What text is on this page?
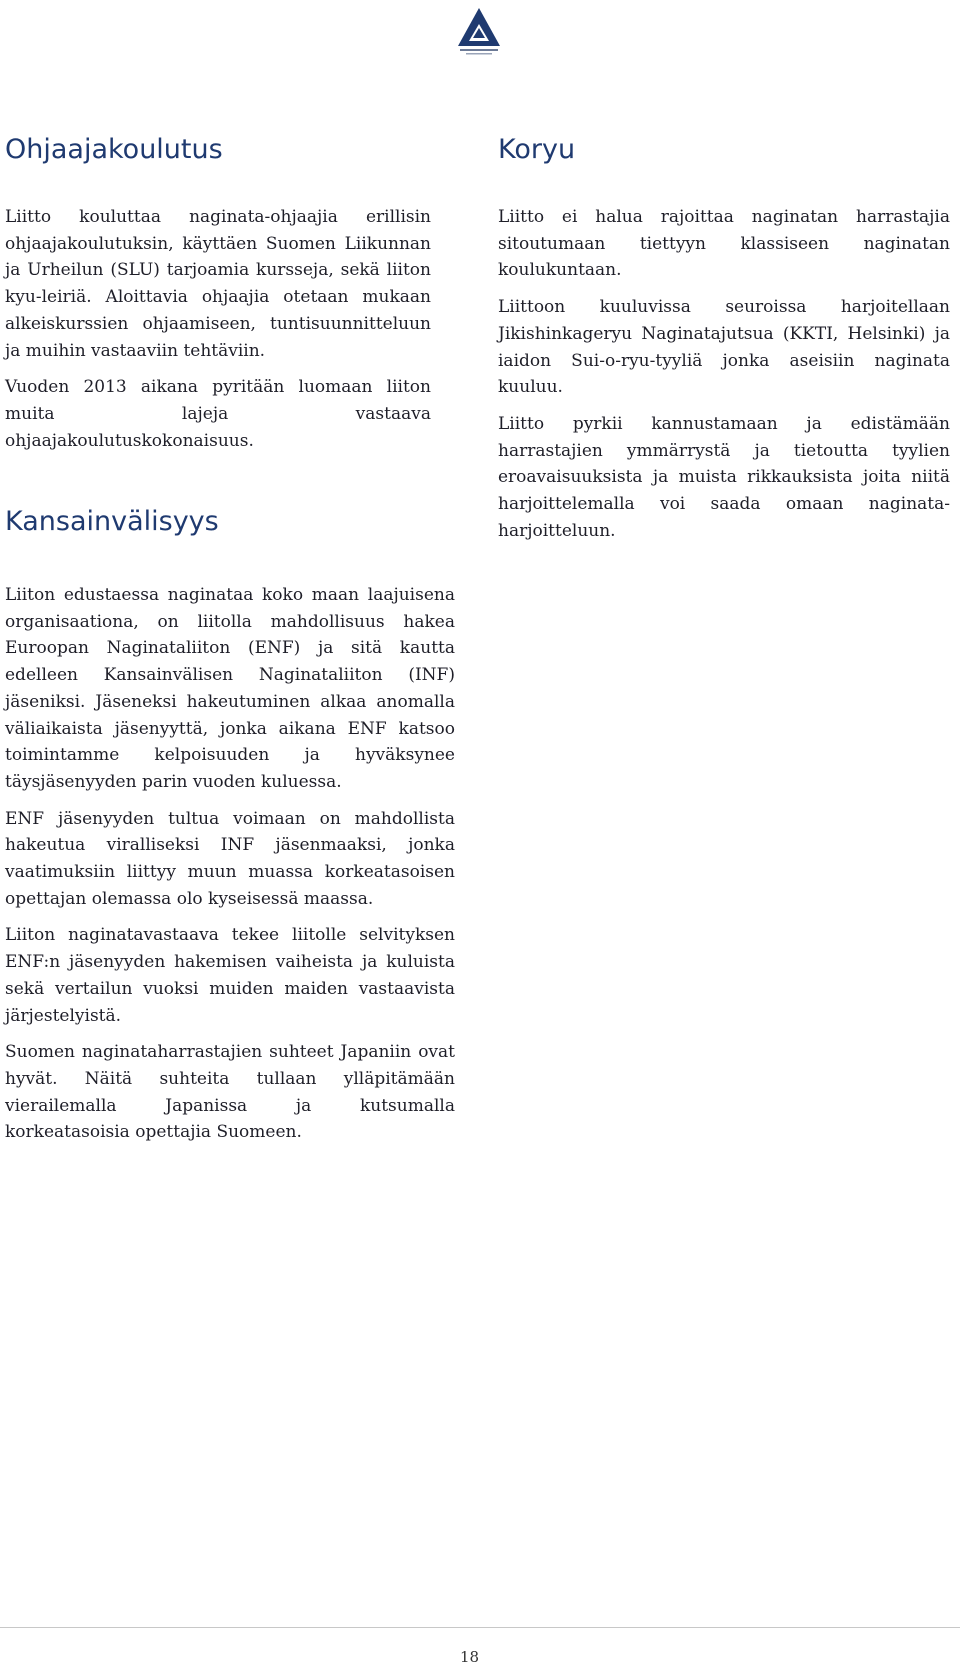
Ohjaajakoulutus

Liitto kouluttaa naginata-ohjaajia erillisin ohjaajakoulutuksin, käyttäen Suomen Liikunnan ja Urheilun (SLU) tarjoamia kursseja, sekä liiton kyu-leiriä. Aloittavia ohjaajia otetaan mukaan alkeiskurssien ohjaamiseen, tuntisuunnitteluun ja muihin vastaaviin tehtäviin.

Vuoden 2013 aikana pyritään luomaan liiton muita lajeja vastaava ohjaajakoulutuskokonaisuus.

Koryu

Liitto ei halua rajoittaa naginatan harrastajia sitoutumaan tiettyyn klassiseen naginatan koulukuntaan.

Liittoon kuuluvissa seuroissa harjoitellaan Jikishinkageryu Naginatajutsua (KKTI, Helsinki) ja iaidon Sui-o-ryu-tyyliä jonka aseisiin naginata kuuluu.

Liitto pyrkii kannustamaan ja edistämään harrastajien ymmärrystä ja tietoutta tyylien eroavaisuuksista ja muista rikkauksista joita niitä harjoittelemalla voi saada omaan naginata-harjoitteluun.

Kansainvälisyys

Liiton edustaessa naginataa koko maan laajuisena organisaationa, on liitolla mahdollisuus hakea Euroopan Naginataliiton (ENF) ja sitä kautta edelleen Kansainvälisen Naginataliiton (INF) jäseniksi. Jäseneksi hakeutuminen alkaa anomalla väliaikaista jäsenyyttä, jonka aikana ENF katsoo toimintamme kelpoisuuden ja hyväksynee täysjäsenyyden parin vuoden kuluessa.

ENF jäsenyyden tultua voimaan on mahdollista hakeutua viralliseksi INF jäsenmaaksi, jonka vaatimuksiin liittyy muun muassa korkeatasoisen opettajan olemassa olo kyseisessä maassa.

Liiton naginatavastaava tekee liitolle selvityksen ENF:n jäsenyyden hakemisen vaiheista ja kuluista sekä vertailun vuoksi muiden maiden vastaavista järjestelyistä.

Suomen naginataharrastajien suhteet Japaniin ovat hyvät. Näitä suhteita tullaan ylläpitämään vierailemalla Japanissa ja kutsumalla korkeatasoisia opettajia Suomeen.

18
